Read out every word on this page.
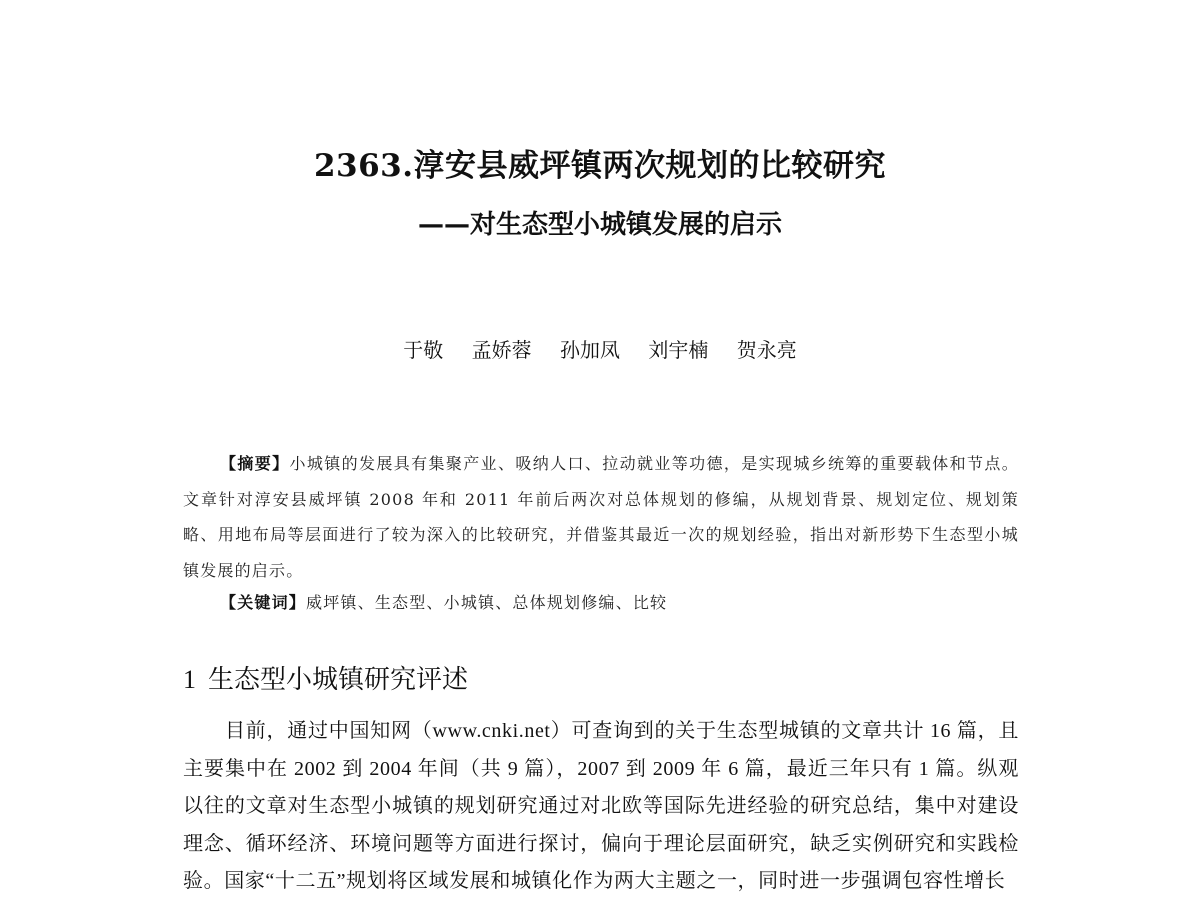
2363.淳安县威坪镇两次规划的比较研究
——对生态型小城镇发展的启示
于敬 孟娇蓉 孙加凤 刘宇楠 贺永亮
【摘要】小城镇的发展具有集聚产业、吸纳人口、拉动就业等功德，是实现城乡统筹的重要载体和节点。文章针对淳安县威坪镇 2008 年和 2011 年前后两次对总体规划的修编，从规划背景、规划定位、规划策略、用地布局等层面进行了较为深入的比较研究，并借鉴其最近一次的规划经验，指出对新形势下生态型小城镇发展的启示。
【关键词】威坪镇、生态型、小城镇、总体规划修编、比较
1 生态型小城镇研究评述
目前，通过中国知网（www.cnki.net）可查询到的关于生态型城镇的文章共计 16 篇，且主要集中在 2002 到 2004 年间（共 9 篇），2007 到 2009 年 6 篇，最近三年只有 1 篇。纵观以往的文章对生态型小城镇的规划研究通过对北欧等国际先进经验的研究总结，集中对建设理念、循环经济、环境问题等方面进行探讨，偏向于理论层面研究，缺乏实例研究和实践检验。国家“十二五”规划将区域发展和城镇化作为两大主题之一，同时进一步强调包容性增长
